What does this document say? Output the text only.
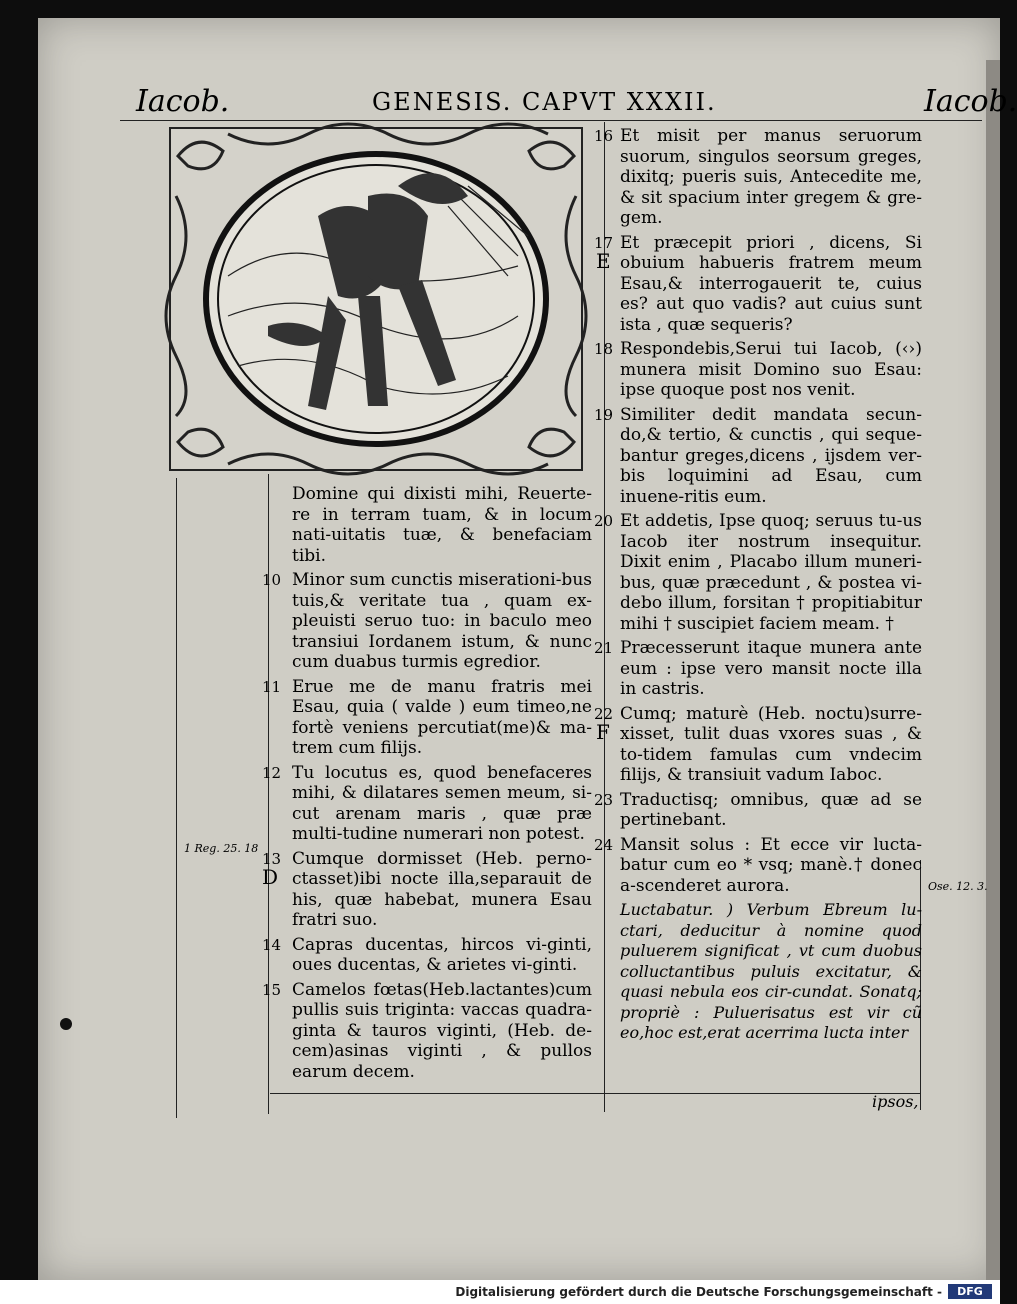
Iacob.	GENESIS. CAPVT XXXII.	Iacob.
Domine qui dixisti mihi, Reuerte-re in terram tuam, & in locum nati-uitatis tuæ, & benefaciam tibi.
10 Minor sum cunctis miserationi-bus tuis,& veritate tua , quam ex-pleuisti seruo tuo: in baculo meo transiui Iordanem istum, & nunc cum duabus turmis egredior.
11 Erue me de manu fratris mei Esau, quia ( valde ) eum timeo,ne fortè veniens percutiat(me)& ma-trem cum filijs.
12 Tu locutus es, quod benefaceres mihi, & dilatares semen meum, si-cut arenam maris , quæ præ multi-tudine numerari non potest.
13
D
Cumque dormisset (Heb. perno-ctasset)ibi nocte illa,separauit de his, quæ habebat, munera Esau fratri suo.
14 Capras ducentas, hircos vi-ginti, oues ducentas, & arietes vi-ginti.
15 Camelos fœtas(Heb.lactantes)cum pullis suis triginta: vaccas quadra-ginta & tauros viginti, (Heb. de-cem)asinas viginti , & pullos earum decem.
16 Et misit per manus seruorum suorum, singulos seorsum greges, dixitq; pueris suis, Antecedite me, & sit spacium inter gregem & gre-gem.
17
E
Et præcepit priori , dicens, Si obuium habueris fratrem meum Esau,& interrogauerit te, cuius es? aut quo vadis? aut cuius sunt ista , quæ sequeris?
18 Respondebis,Serui tui Iacob, (‹›) munera misit Domino suo Esau: ipse quoque post nos venit.
19 Similiter dedit mandata secun-do,& tertio, & cunctis , qui seque-bantur greges,dicens , ijsdem ver-bis loquimini ad Esau, cum inuene-ritis eum.
20 Et addetis, Ipse quoq; seruus tu-us Iacob iter nostrum insequitur. Dixit enim , Placabo illum muneri-bus, quæ præcedunt , & postea vi-debo illum, forsitan † propitiabitur mihi † suscipiet faciem meam. †
21 Præcesserunt itaque munera ante eum : ipse vero mansit nocte illa in castris.
22
F
Cumq; maturè (Heb. noctu)surre-xisset, tulit duas vxores suas , & to-tidem famulas cum vndecim filijs, & transiuit vadum Iaboc.
23 Traductisq; omnibus, quæ ad se pertinebant.
24 Mansit solus : Et ecce vir lucta-batur cum eo * vsq; manè.† donec a-scenderet aurora.
Luctabatur. ) Verbum Ebreum lu-ctari, deducitur à nomine quod puluerem significat , vt cum duobus colluctantibus puluis excitatur, & quasi nebula eos cir-cundat. Sonatq; propriè : Puluerisatus est vir cũ eo,hoc est,erat acerrima lucta inter
1 Reg. 25. 18
Ose. 12. 3.
ipsos,
Digitalisierung gefördert durch die Deutsche Forschungsgemeinschaft -	DFG
